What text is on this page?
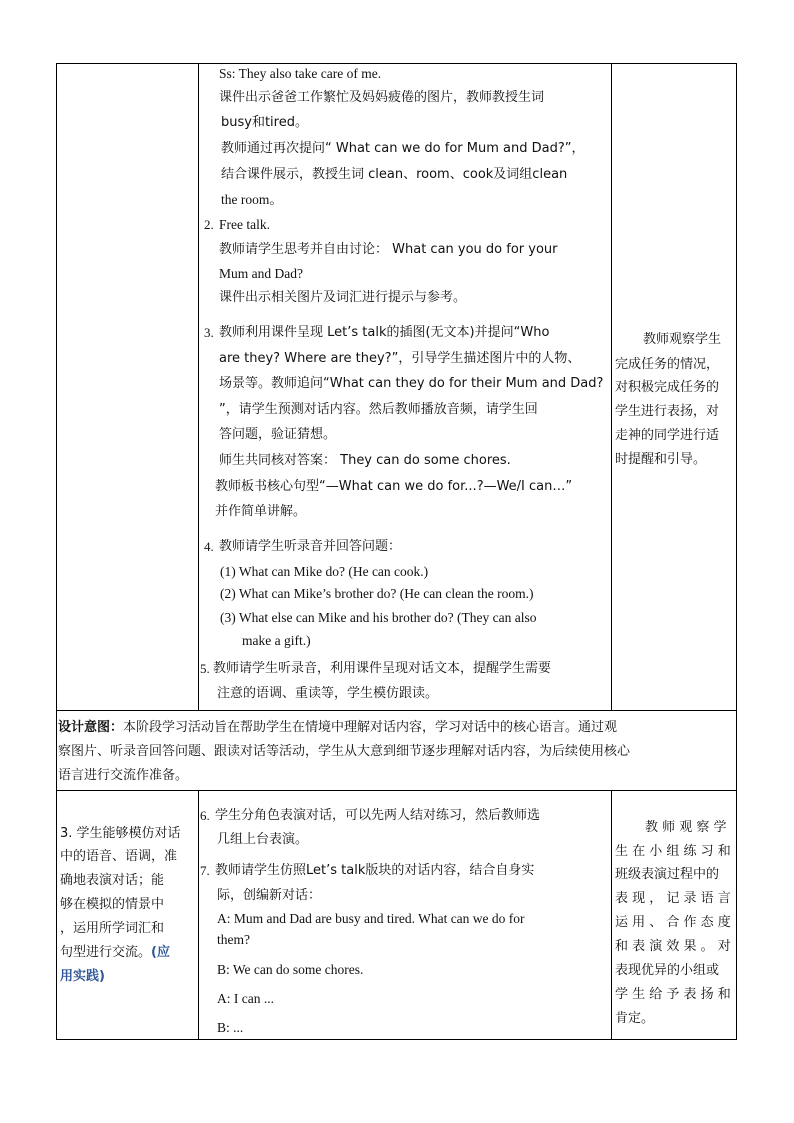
Ss: They also take care of me.
课件出示爸爸工作繁忙及妈妈疲倦的图片，教师教授生词
busy和tired。
教师通过再次提问“ What can we do for Mum and Dad?”，
结合课件展示，教授生词 clean、room、cook及词组clean
the room。
2. Free talk.
教师请学生思考并自由讨论： What can you do for your
Mum and Dad?
课件出示相关图片及词汇进行提示与参考。
3. 教师利用课件呈现 Let’s talk的插图(无文本)并提问“Who
are they? Where are they?”，引导学生描述图片中的人物、
场景等。教师追问“What can they do for their Mum and Dad?
”，请学生预测对话内容。然后教师播放音频，请学生回
答问题，验证猜想。
师生共同核对答案： They can do some chores.
教师板书核心句型“—What can we do for...?—We/I can…”
并作简单讲解。
4. 教师请学生听录音并回答问题：
(1) What can Mike do? (He can cook.)
(2) What can Mike’s brother do? (He can clean the room.)
(3) What else can Mike and his brother do? (They can also
make a gift.)
5. 教师请学生听录音，利用课件呈现对话文本，提醒学生需要
注意的语调、重读等，学生模仿跟读。
教师观察学生
完成任务的情况，
对积极完成任务的
学生进行表扬，对
走神的同学进行适
时提醒和引导。
设计意图：本阶段学习活动旨在帮助学生在情境中理解对话内容，学习对话中的核心语言。通过观
察图片、听录音回答问题、跟读对话等活动，学生从大意到细节逐步理解对话内容，为后续使用核心
语言进行交流作准备。
3. 学生能够模仿对话
中的语音、语调，准
确地表演对话；能
够在模拟的情景中
，运用所学词汇和
句型进行交流。(应
用实践)
6. 学生分角色表演对话，可以先两人结对练习，然后教师选
几组上台表演。
7. 教师请学生仿照Let’s talk版块的对话内容，结合自身实
际，创编新对话：
A: Mum and Dad are busy and tired. What can we do for
them?
B: We can do some chores.
A: I can ...
B: ...
教 师 观 察 学
生 在 小 组 练 习 和
班级表演过程中的
表 现 ， 记 录 语 言
运 用 、 合 作 态 度
和 表 演 效 果 。 对
表现优异的小组或
学 生 给 予 表 扬 和
肯定。
